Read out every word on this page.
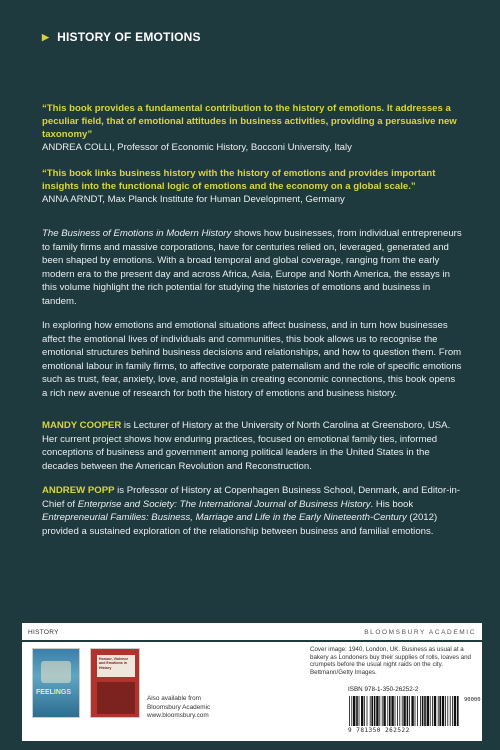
▶ HISTORY OF EMOTIONS
“This book provides a fundamental contribution to the history of emotions. It addresses a peculiar field, that of emotional attitudes in business activities, providing a persuasive new taxonomy”
ANDREA COLLI, Professor of Economic History, Bocconi University, Italy
“This book links business history with the history of emotions and provides important insights into the functional logic of emotions and the economy on a global scale.”
ANNA ARNDT, Max Planck Institute for Human Development, Germany

The Business of Emotions in Modern History shows how businesses, from individual entrepreneurs to family firms and massive corporations, have for centuries relied on, leveraged, generated and been shaped by emotions. With a broad temporal and global coverage, ranging from the early modern era to the present day and across Africa, Asia, Europe and North America, the essays in this volume highlight the rich potential for studying the histories of emotions and business in tandem.

In exploring how emotions and emotional situations affect business, and in turn how businesses affect the emotional lives of individuals and communities, this book allows us to recognise the emotional structures behind business decisions and relationships, and how to question them. From emotional labour in family firms, to affective corporate paternalism and the role of specific emotions such as trust, fear, anxiety, love, and nostalgia in creating economic connections, this book opens a rich new avenue of research for both the history of emotions and business history.

MANDY COOPER is Lecturer of History at the University of North Carolina at Greensboro, USA. Her current project shows how enduring practices, focused on emotional family ties, informed conceptions of business and government among political leaders in the United States in the decades between the American Revolution and Reconstruction.

ANDREW POPP is Professor of History at Copenhagen Business School, Denmark, and Editor-in-Chief of Enterprise and Society: The International Journal of Business History. His book Entrepreneurial Families: Business, Marriage and Life in the Early Nineteenth-Century (2012) provided a sustained exploration of the relationship between business and familial emotions.

HISTORY	BLOOMSBURY ACADEMIC
FEELINGS
Honour, Violence and Emotions in History
Also available from
Bloomsbury Academic
www.bloomsbury.com
Cover image: 1940, London, UK. Business as usual at a bakery as Londoners buy their supplies of rolls, loaves and crumpets before the usual night raids on the city. Bettmann/Getty Images.
ISBN 978-1-350-26252-2
9 781350 262522
90000
